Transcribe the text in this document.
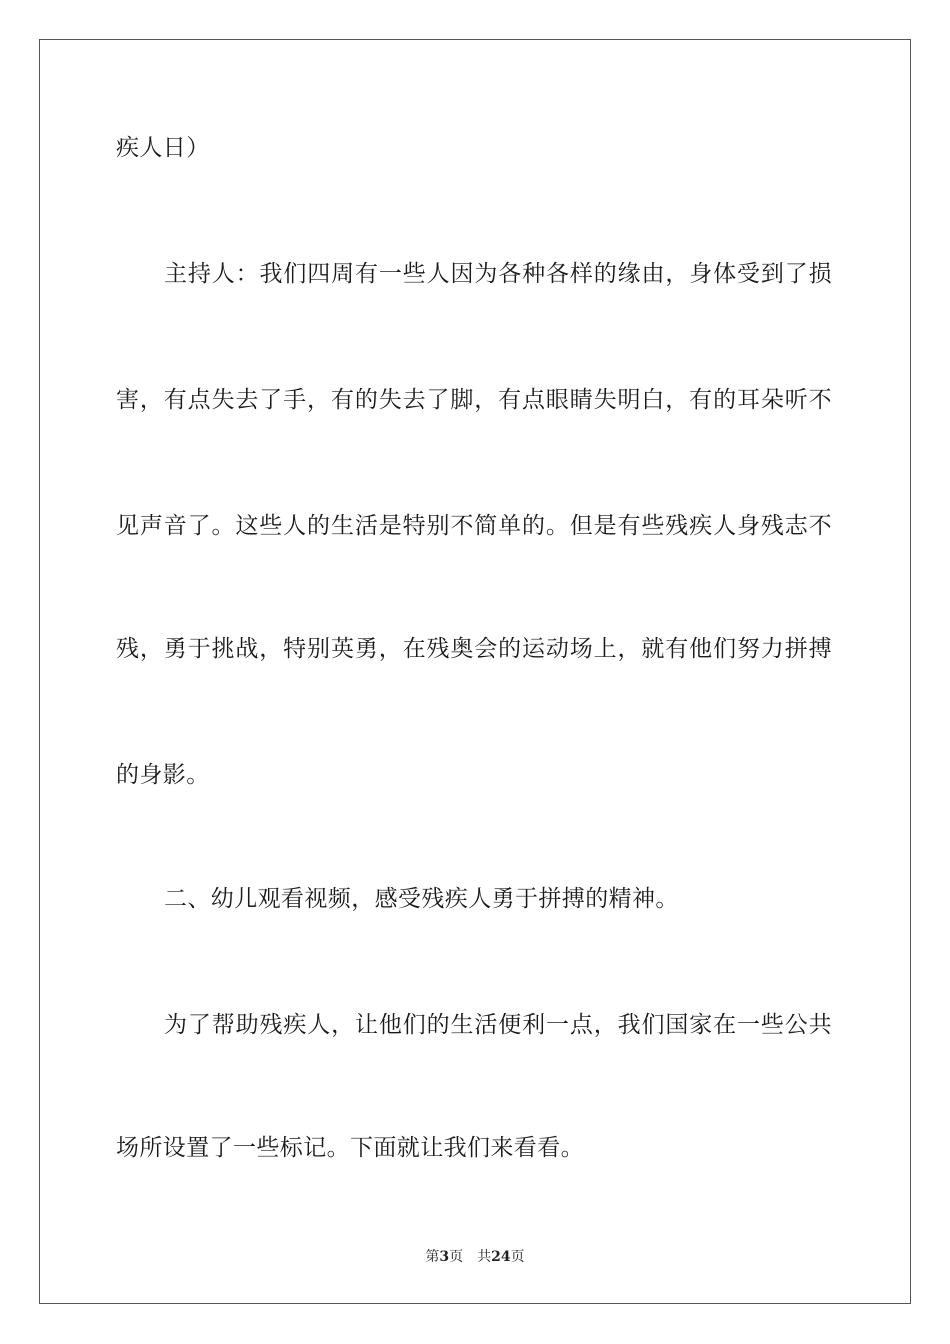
疾人日）
主持人：我们四周有一些人因为各种各样的缘由，身体受到了损
害，有点失去了手，有的失去了脚，有点眼睛失明白，有的耳朵听不
见声音了。这些人的生活是特别不简单的。但是有些残疾人身残志不
残，勇于挑战，特别英勇，在残奥会的运动场上，就有他们努力拼搏
的身影。
二、幼儿观看视频，感受残疾人勇于拼搏的精神。
为了帮助残疾人，让他们的生活便利一点，我们国家在一些公共
场所设置了一些标记。下面就让我们来看看。
第3页 共24页
